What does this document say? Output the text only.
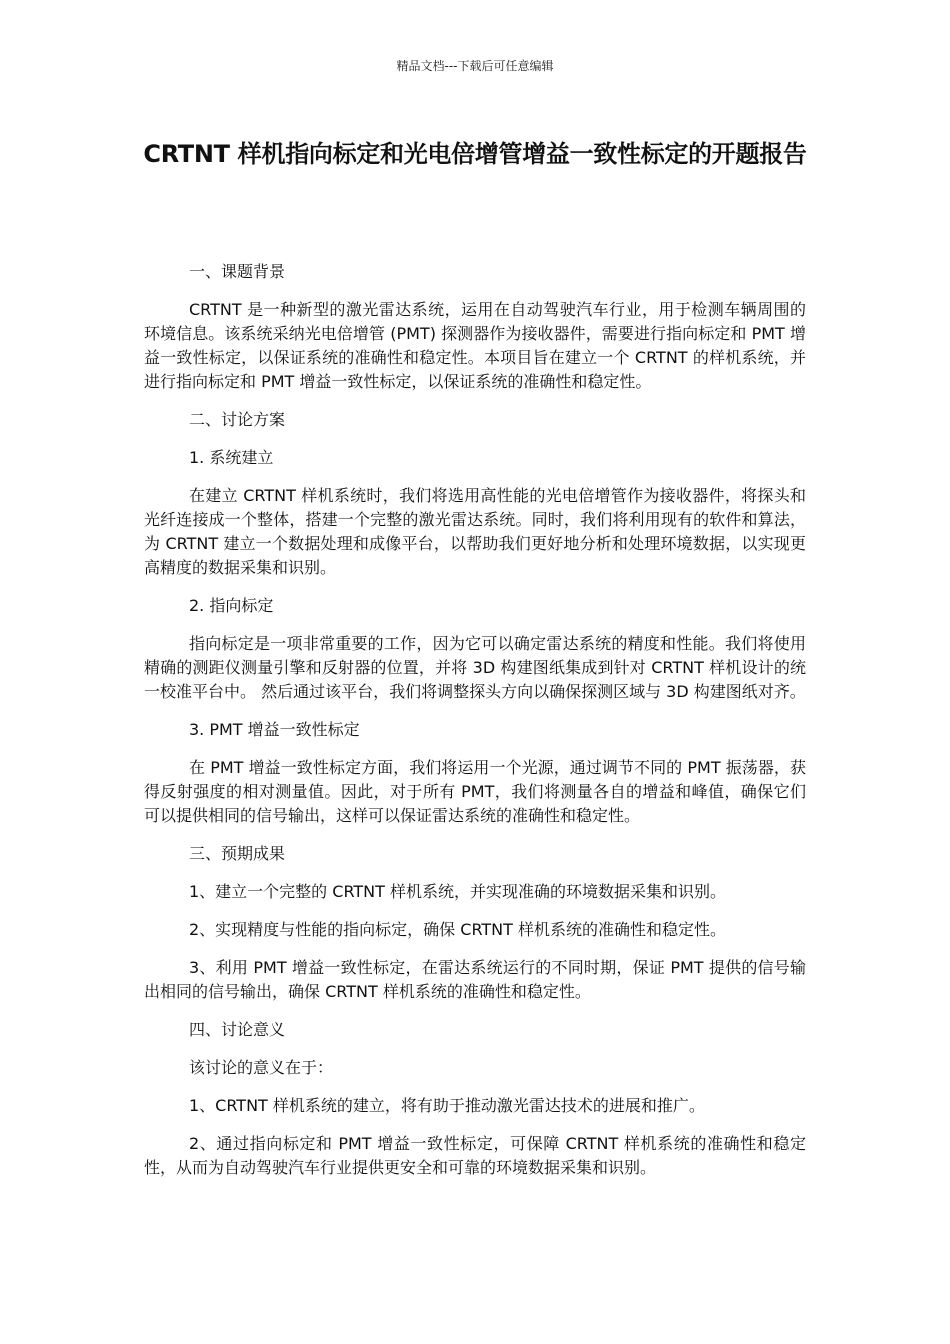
精品文档---下载后可任意编辑
CRTNT 样机指向标定和光电倍增管增益一致性标定的开题报告
一、课题背景
CRTNT 是一种新型的激光雷达系统，运用在自动驾驶汽车行业，用于检测车辆周围的环境信息。该系统采纳光电倍增管 (PMT) 探测器作为接收器件，需要进行指向标定和 PMT 增益一致性标定，以保证系统的准确性和稳定性。本项目旨在建立一个 CRTNT 的样机系统，并进行指向标定和 PMT 增益一致性标定，以保证系统的准确性和稳定性。
二、讨论方案
1. 系统建立
在建立 CRTNT 样机系统时，我们将选用高性能的光电倍增管作为接收器件，将探头和光纤连接成一个整体，搭建一个完整的激光雷达系统。同时，我们将利用现有的软件和算法，为 CRTNT 建立一个数据处理和成像平台，以帮助我们更好地分析和处理环境数据，以实现更高精度的数据采集和识别。
2. 指向标定
指向标定是一项非常重要的工作，因为它可以确定雷达系统的精度和性能。我们将使用精确的测距仪测量引擎和反射器的位置，并将 3D 构建图纸集成到针对 CRTNT 样机设计的统一校准平台中。 然后通过该平台，我们将调整探头方向以确保探测区域与 3D 构建图纸对齐。
3. PMT 增益一致性标定
在 PMT 增益一致性标定方面，我们将运用一个光源，通过调节不同的 PMT 振荡器，获得反射强度的相对测量值。因此，对于所有 PMT，我们将测量各自的增益和峰值，确保它们可以提供相同的信号输出，这样可以保证雷达系统的准确性和稳定性。
三、预期成果
1、建立一个完整的 CRTNT 样机系统，并实现准确的环境数据采集和识别。
2、实现精度与性能的指向标定，确保 CRTNT 样机系统的准确性和稳定性。
3、利用 PMT 增益一致性标定，在雷达系统运行的不同时期，保证 PMT 提供的信号输出相同的信号输出，确保 CRTNT 样机系统的准确性和稳定性。
四、讨论意义
该讨论的意义在于：
1、CRTNT 样机系统的建立，将有助于推动激光雷达技术的进展和推广。
2、通过指向标定和 PMT 增益一致性标定，可保障 CRTNT 样机系统的准确性和稳定性，从而为自动驾驶汽车行业提供更安全和可靠的环境数据采集和识别。
